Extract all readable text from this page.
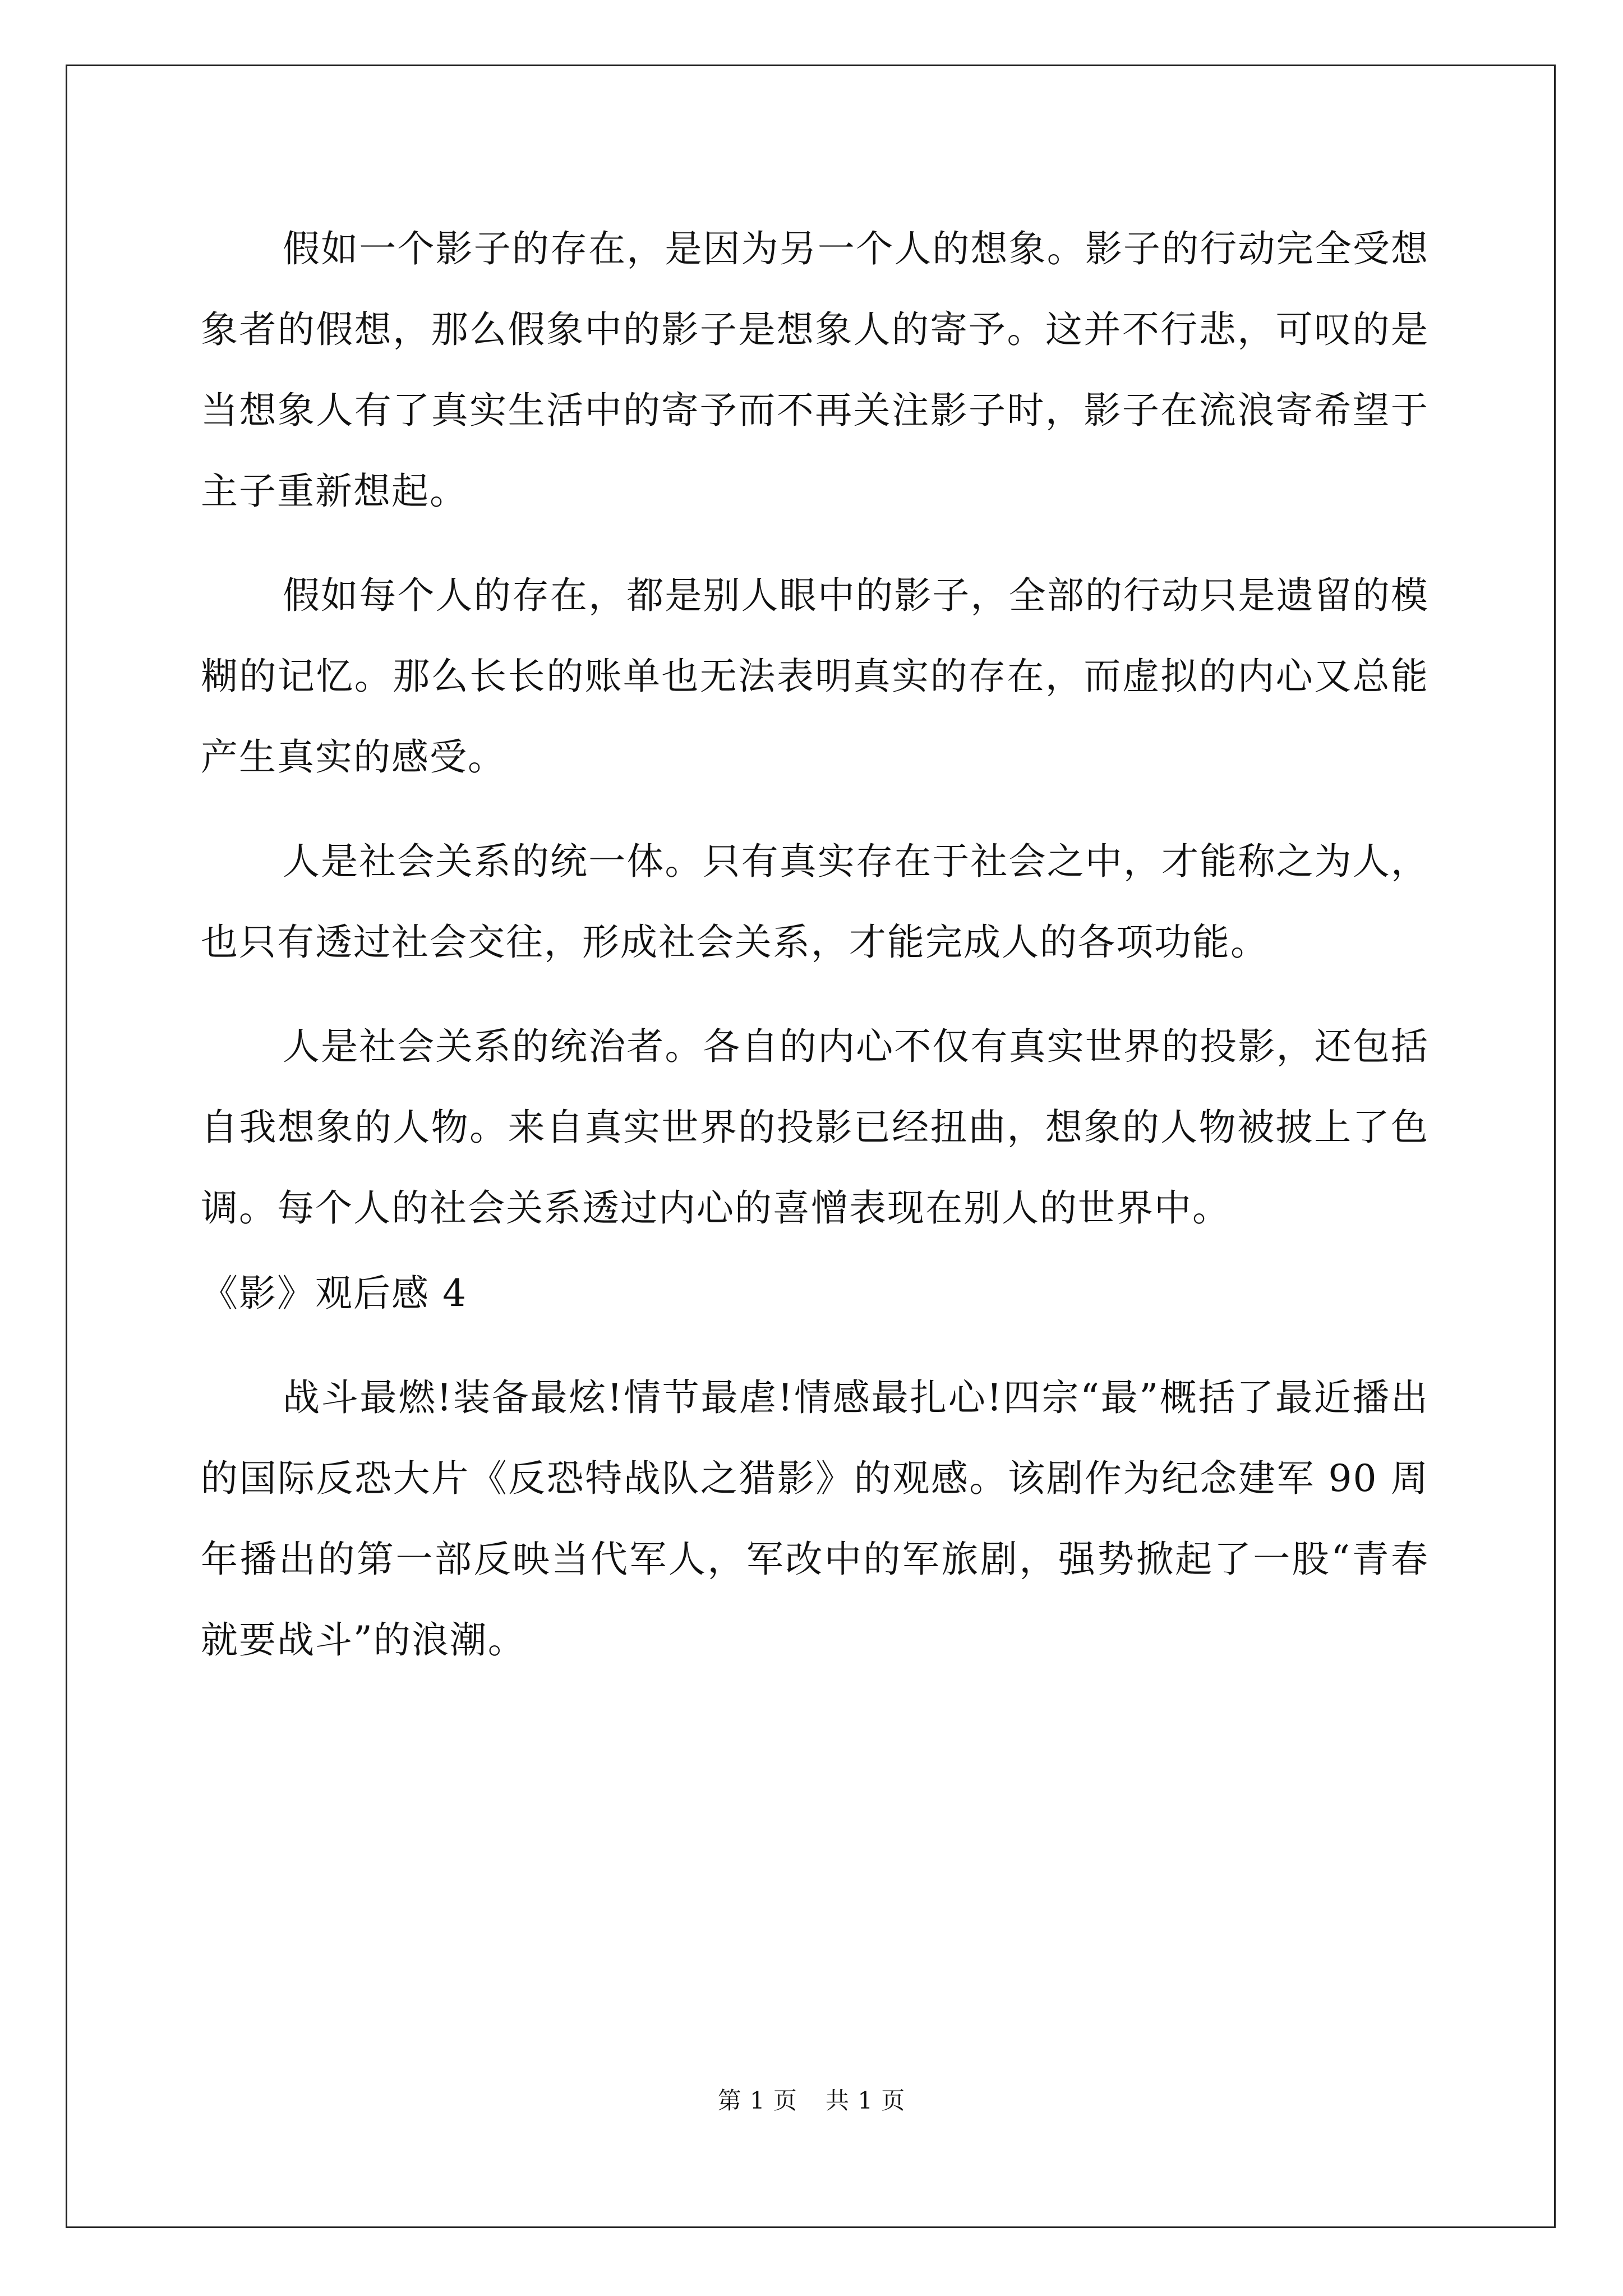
假如一个影子的存在，是因为另一个人的想象。影子的行动完全受想象者的假想，那么假象中的影子是想象人的寄予。这并不行悲，可叹的是当想象人有了真实生活中的寄予而不再关注影子时，影子在流浪寄希望于主子重新想起。

假如每个人的存在，都是别人眼中的影子，全部的行动只是遗留的模糊的记忆。那么长长的账单也无法表明真实的存在，而虚拟的内心又总能产生真实的感受。

人是社会关系的统一体。只有真实存在于社会之中，才能称之为人，也只有透过社会交往，形成社会关系，才能完成人的各项功能。

人是社会关系的统治者。各自的内心不仅有真实世界的投影，还包括自我想象的人物。来自真实世界的投影已经扭曲，想象的人物被披上了色调。每个人的社会关系透过内心的喜憎表现在别人的世界中。

《影》观后感 4

战斗最燃!装备最炫!情节最虐!情感最扎心!四宗“最”概括了最近播出的国际反恐大片《反恐特战队之猎影》的观感。该剧作为纪念建军 90 周年播出的第一部反映当代军人，军改中的军旅剧，强势掀起了一股“青春就要战斗”的浪潮。

第 1 页 共 1 页
